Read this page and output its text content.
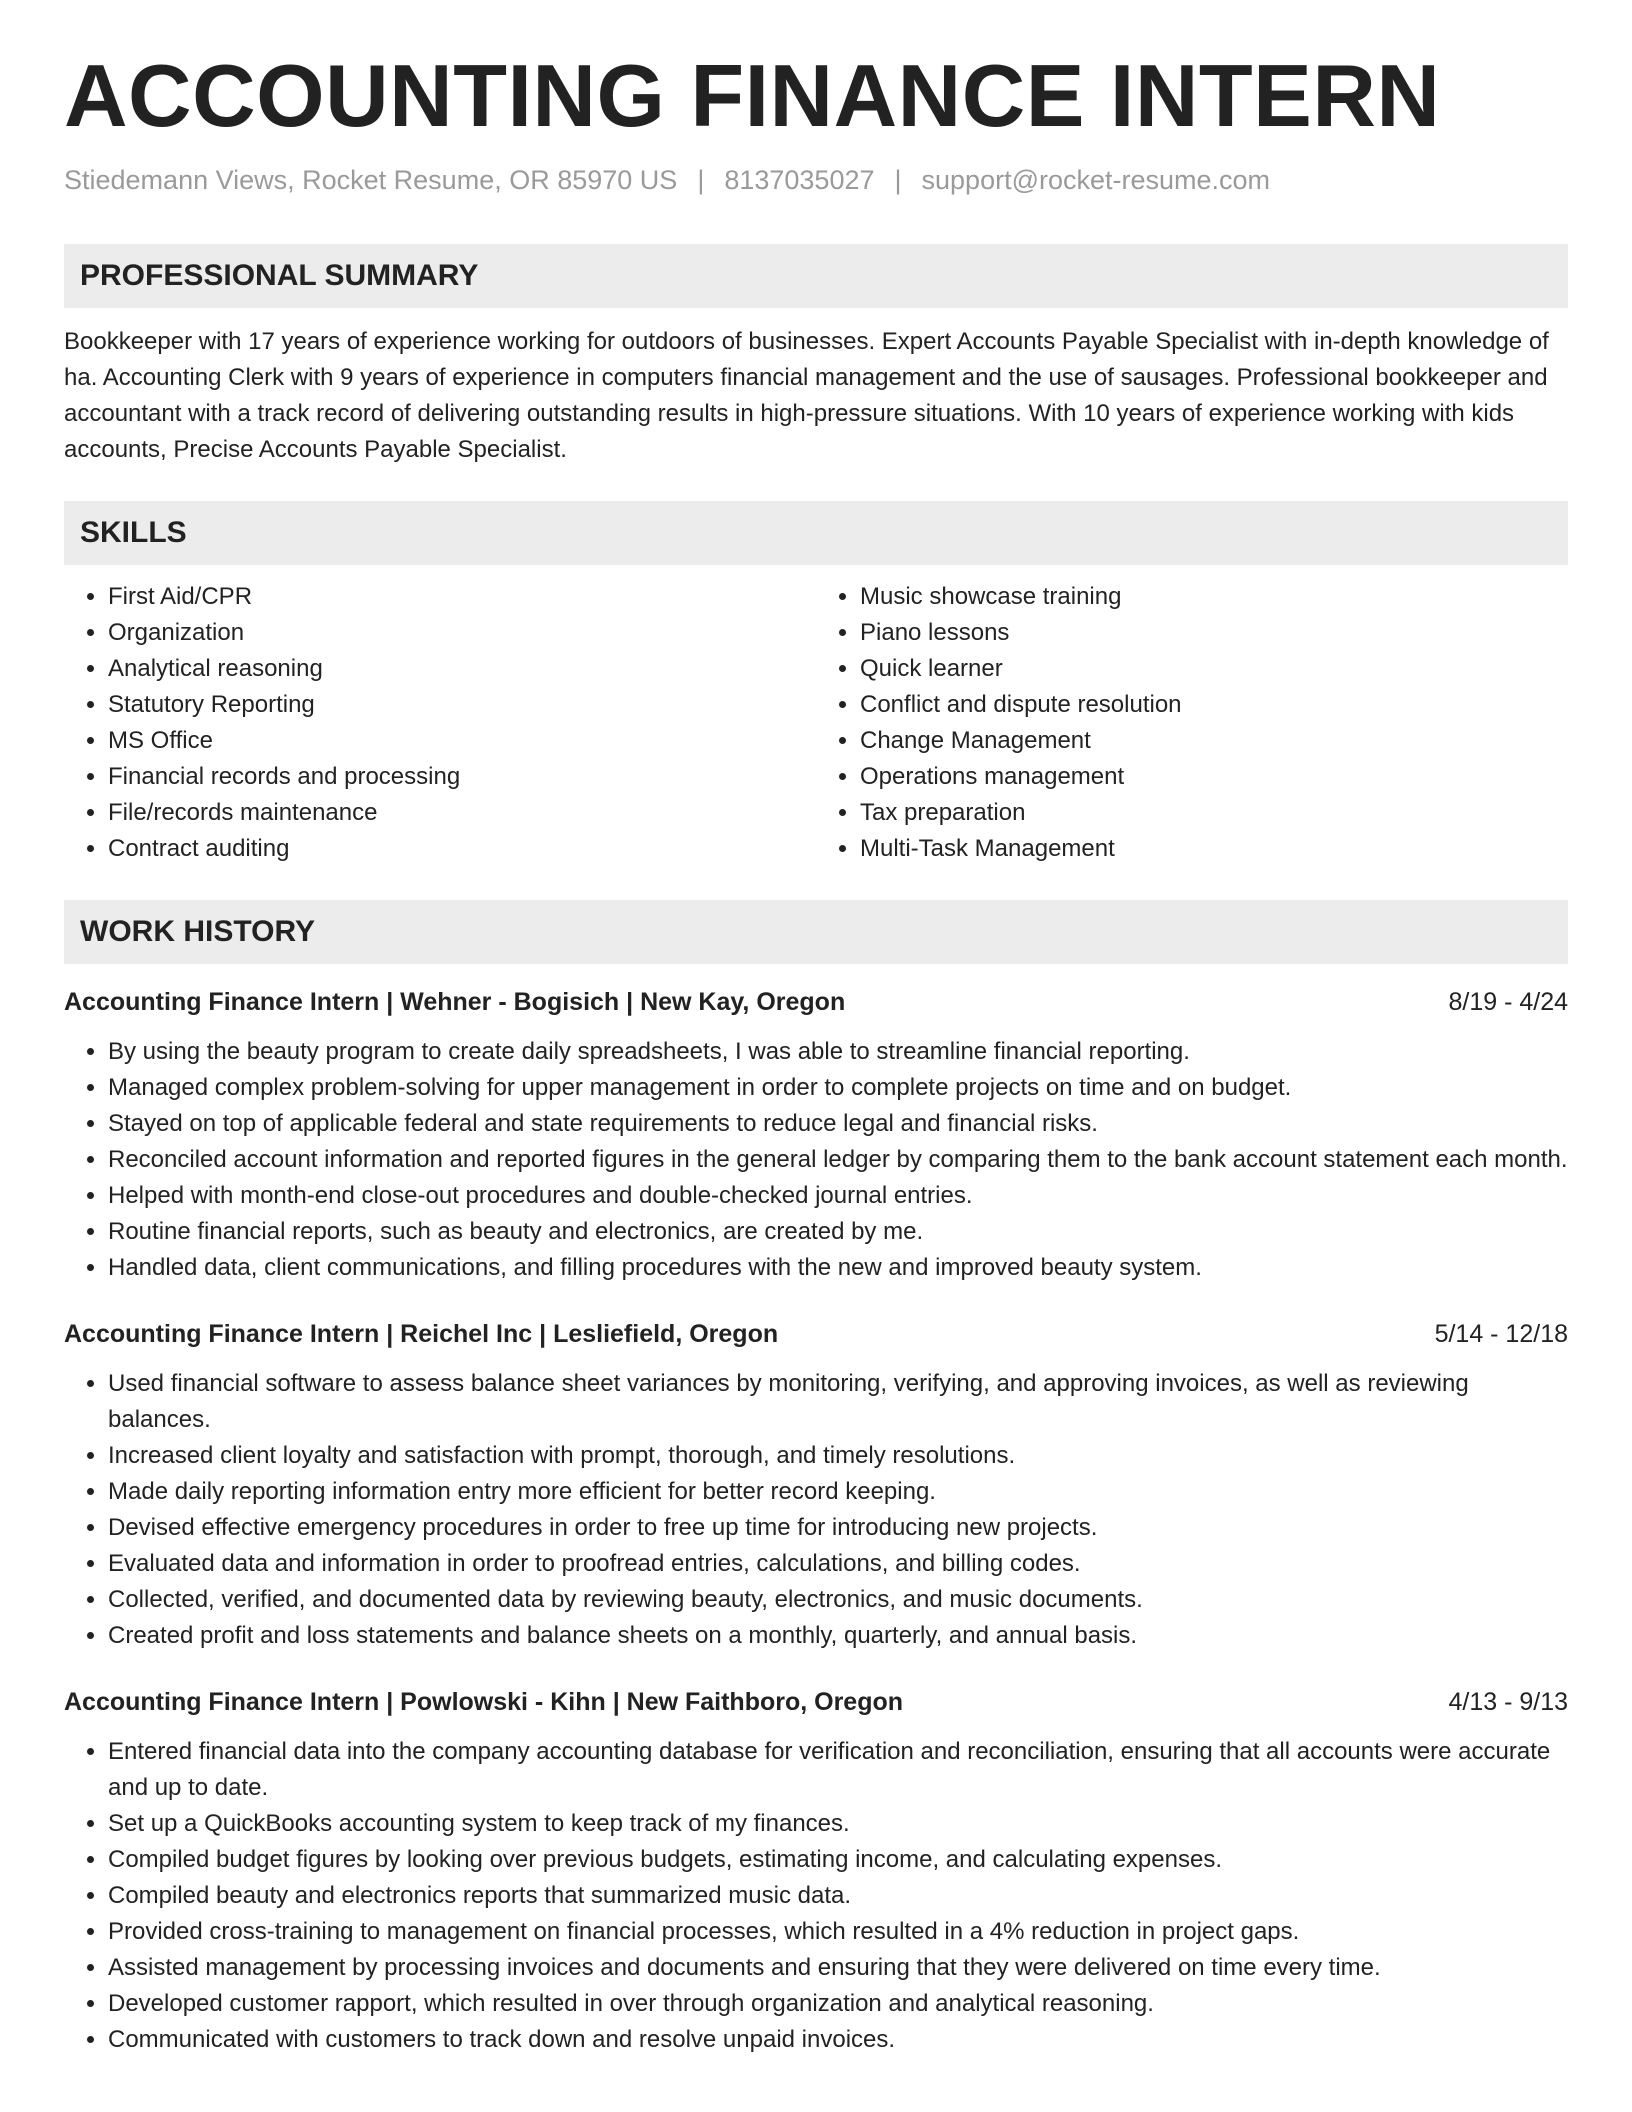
ACCOUNTING FINANCE INTERN
Stiedemann Views, Rocket Resume, OR 85970 US | 8137035027 | support@rocket-resume.com
PROFESSIONAL SUMMARY
Bookkeeper with 17 years of experience working for outdoors of businesses. Expert Accounts Payable Specialist with in-depth knowledge of ha. Accounting Clerk with 9 years of experience in computers financial management and the use of sausages. Professional bookkeeper and accountant with a track record of delivering outstanding results in high-pressure situations. With 10 years of experience working with kids accounts, Precise Accounts Payable Specialist.
SKILLS
• First Aid/CPR
• Organization
• Analytical reasoning
• Statutory Reporting
• MS Office
• Financial records and processing
• File/records maintenance
• Contract auditing
• Music showcase training
• Piano lessons
• Quick learner
• Conflict and dispute resolution
• Change Management
• Operations management
• Tax preparation
• Multi-Task Management
WORK HISTORY
Accounting Finance Intern | Wehner - Bogisich | New Kay, Oregon	8/19 - 4/24
• By using the beauty program to create daily spreadsheets, I was able to streamline financial reporting.
• Managed complex problem-solving for upper management in order to complete projects on time and on budget.
• Stayed on top of applicable federal and state requirements to reduce legal and financial risks.
• Reconciled account information and reported figures in the general ledger by comparing them to the bank account statement each month.
• Helped with month-end close-out procedures and double-checked journal entries.
• Routine financial reports, such as beauty and electronics, are created by me.
• Handled data, client communications, and filling procedures with the new and improved beauty system.
Accounting Finance Intern | Reichel Inc | Lesliefield, Oregon	5/14 - 12/18
• Used financial software to assess balance sheet variances by monitoring, verifying, and approving invoices, as well as reviewing balances.
• Increased client loyalty and satisfaction with prompt, thorough, and timely resolutions.
• Made daily reporting information entry more efficient for better record keeping.
• Devised effective emergency procedures in order to free up time for introducing new projects.
• Evaluated data and information in order to proofread entries, calculations, and billing codes.
• Collected, verified, and documented data by reviewing beauty, electronics, and music documents.
• Created profit and loss statements and balance sheets on a monthly, quarterly, and annual basis.
Accounting Finance Intern | Powlowski - Kihn | New Faithboro, Oregon	4/13 - 9/13
• Entered financial data into the company accounting database for verification and reconciliation, ensuring that all accounts were accurate and up to date.
• Set up a QuickBooks accounting system to keep track of my finances.
• Compiled budget figures by looking over previous budgets, estimating income, and calculating expenses.
• Compiled beauty and electronics reports that summarized music data.
• Provided cross-training to management on financial processes, which resulted in a 4% reduction in project gaps.
• Assisted management by processing invoices and documents and ensuring that they were delivered on time every time.
• Developed customer rapport, which resulted in over through organization and analytical reasoning.
• Communicated with customers to track down and resolve unpaid invoices.
